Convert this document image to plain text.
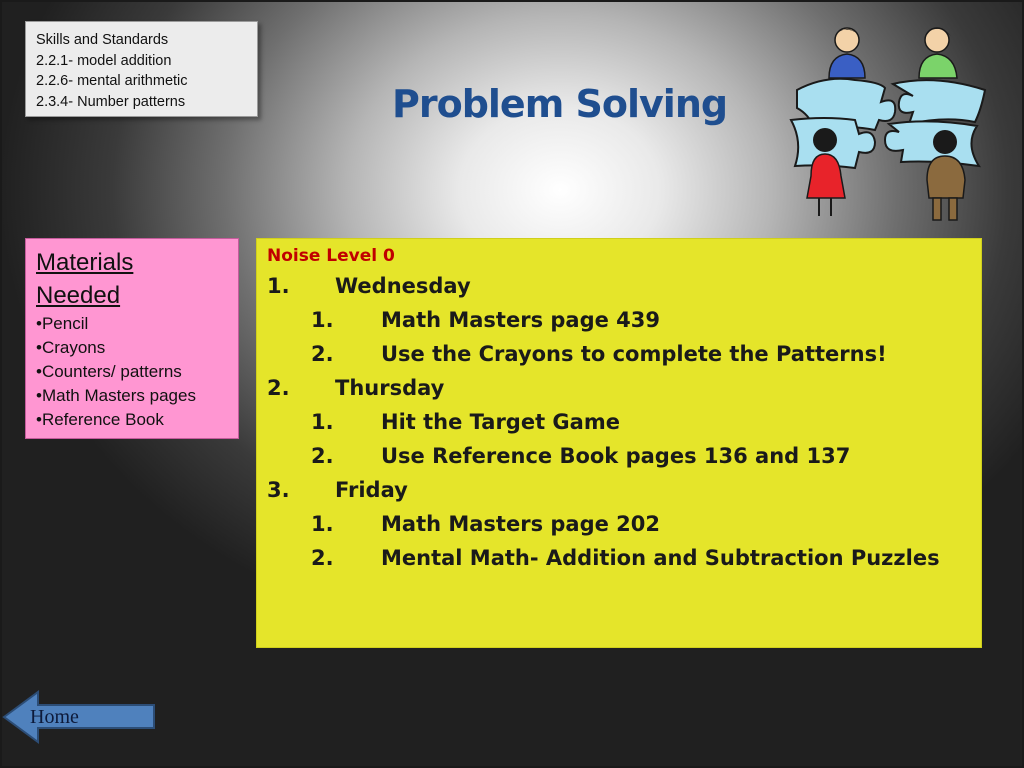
Skills and Standards
2.2.1- model addition
2.2.6- mental arithmetic
2.3.4- Number patterns	Problem Solving
Materials
Needed
•Pencil
•Crayons
•Counters/ patterns
•Math Masters pages
•Reference Book
Noise Level 0
1.	Wednesday
1.	Math Masters page 439
2.	Use the Crayons to complete the Patterns!
2.	Thursday
1.	Hit the Target Game
2.	Use Reference Book pages 136 and 137
3.	Friday
1.	Math Masters page 202
2.	Mental Math- Addition and Subtraction Puzzles
Home
